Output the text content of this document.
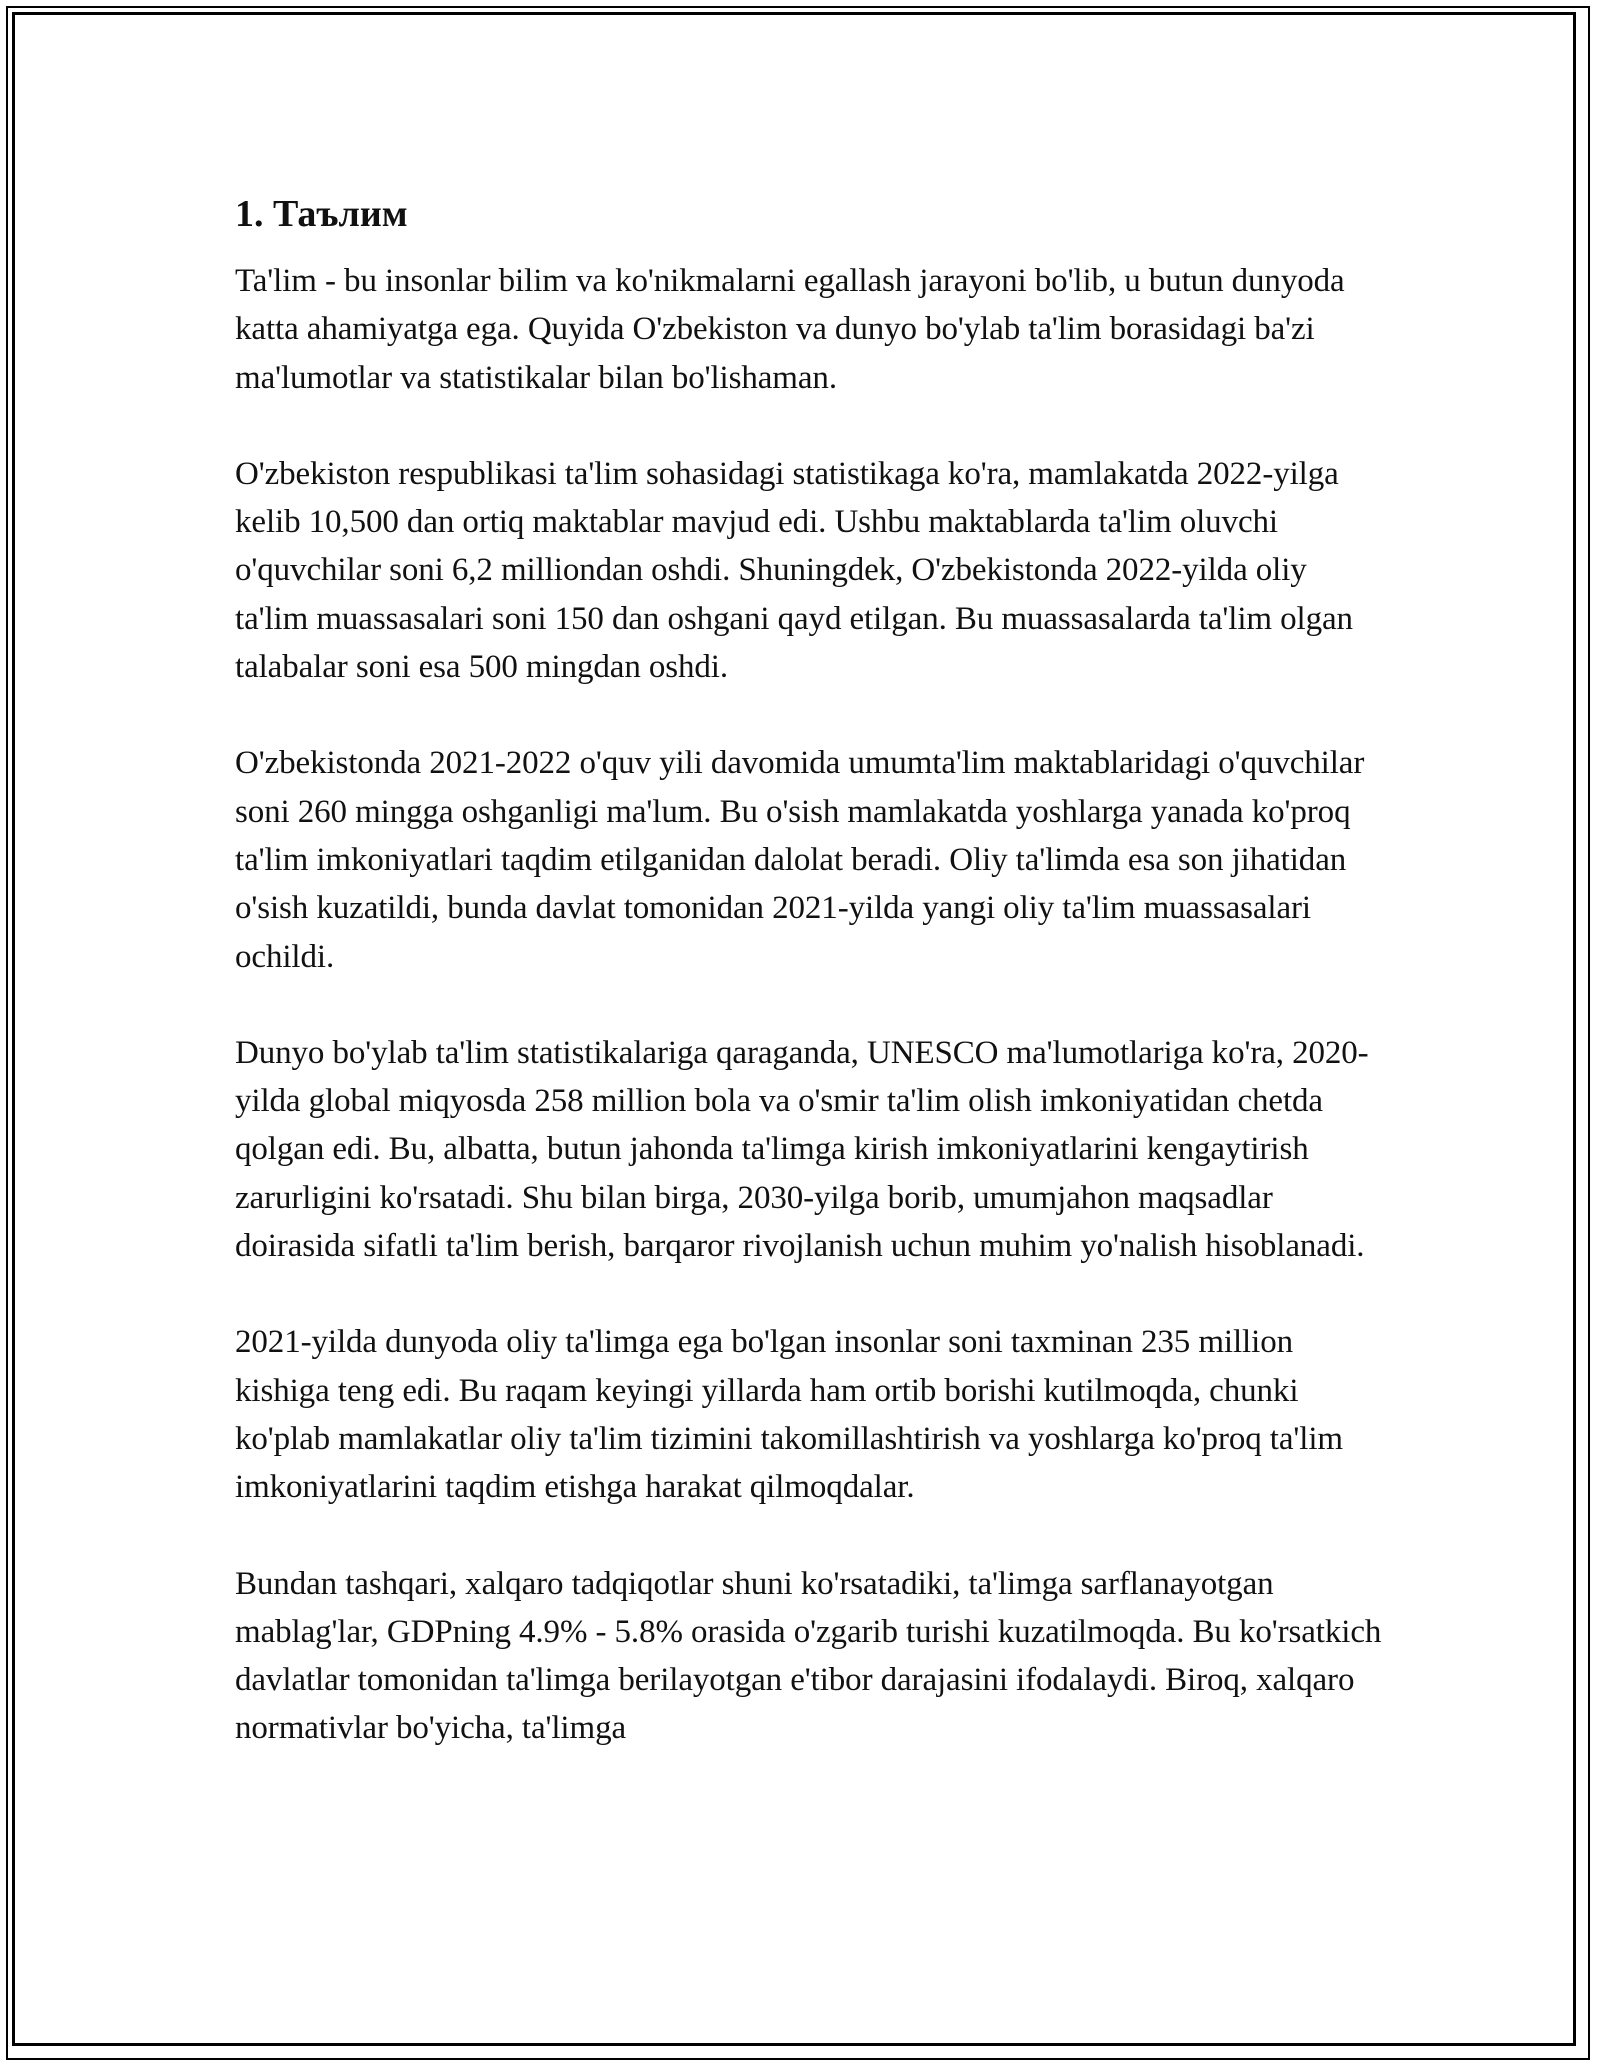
1. Таълим

Ta'lim - bu insonlar bilim va ko'nikmalarni egallash jarayoni bo'lib, u butun dunyoda katta ahamiyatga ega. Quyida O'zbekiston va dunyo bo'ylab ta'lim borasidagi ba'zi ma'lumotlar va statistikalar bilan bo'lishaman.

O'zbekiston respublikasi ta'lim sohasidagi statistikaga ko'ra, mamlakatda 2022-yilga kelib 10,500 dan ortiq maktablar mavjud edi. Ushbu maktablarda ta'lim oluvchi o'quvchilar soni 6,2 milliondan oshdi. Shuningdek, O'zbekistonda 2022-yilda oliy ta'lim muassasalari soni 150 dan oshgani qayd etilgan. Bu muassasalarda ta'lim olgan talabalar soni esa 500 mingdan oshdi.

O'zbekistonda 2021-2022 o'quv yili davomida umumta'lim maktablaridagi o'quvchilar soni 260 mingga oshganligi ma'lum. Bu o'sish mamlakatda yoshlarga yanada ko'proq ta'lim imkoniyatlari taqdim etilganidan dalolat beradi. Oliy ta'limda esa son jihatidan o'sish kuzatildi, bunda davlat tomonidan 2021-yilda yangi oliy ta'lim muassasalari ochildi.

Dunyo bo'ylab ta'lim statistikalariga qaraganda, UNESCO ma'lumotlariga ko'ra, 2020-yilda global miqyosda 258 million bola va o'smir ta'lim olish imkoniyatidan chetda qolgan edi. Bu, albatta, butun jahonda ta'limga kirish imkoniyatlarini kengaytirish zarurligini ko'rsatadi. Shu bilan birga, 2030-yilga borib, umumjahon maqsadlar doirasida sifatli ta'lim berish, barqaror rivojlanish uchun muhim yo'nalish hisoblanadi.

2021-yilda dunyoda oliy ta'limga ega bo'lgan insonlar soni taxminan 235 million kishiga teng edi. Bu raqam keyingi yillarda ham ortib borishi kutilmoqda, chunki ko'plab mamlakatlar oliy ta'lim tizimini takomillashtirish va yoshlarga ko'proq ta'lim imkoniyatlarini taqdim etishga harakat qilmoqdalar.

Bundan tashqari, xalqaro tadqiqotlar shuni ko'rsatadiki, ta'limga sarflanayotgan mablag'lar, GDPning 4.9% - 5.8% orasida o'zgarib turishi kuzatilmoqda. Bu ko'rsatkich davlatlar tomonidan ta'limga berilayotgan e'tibor darajasini ifodalaydi. Biroq, xalqaro normativlar bo'yicha, ta'limga
